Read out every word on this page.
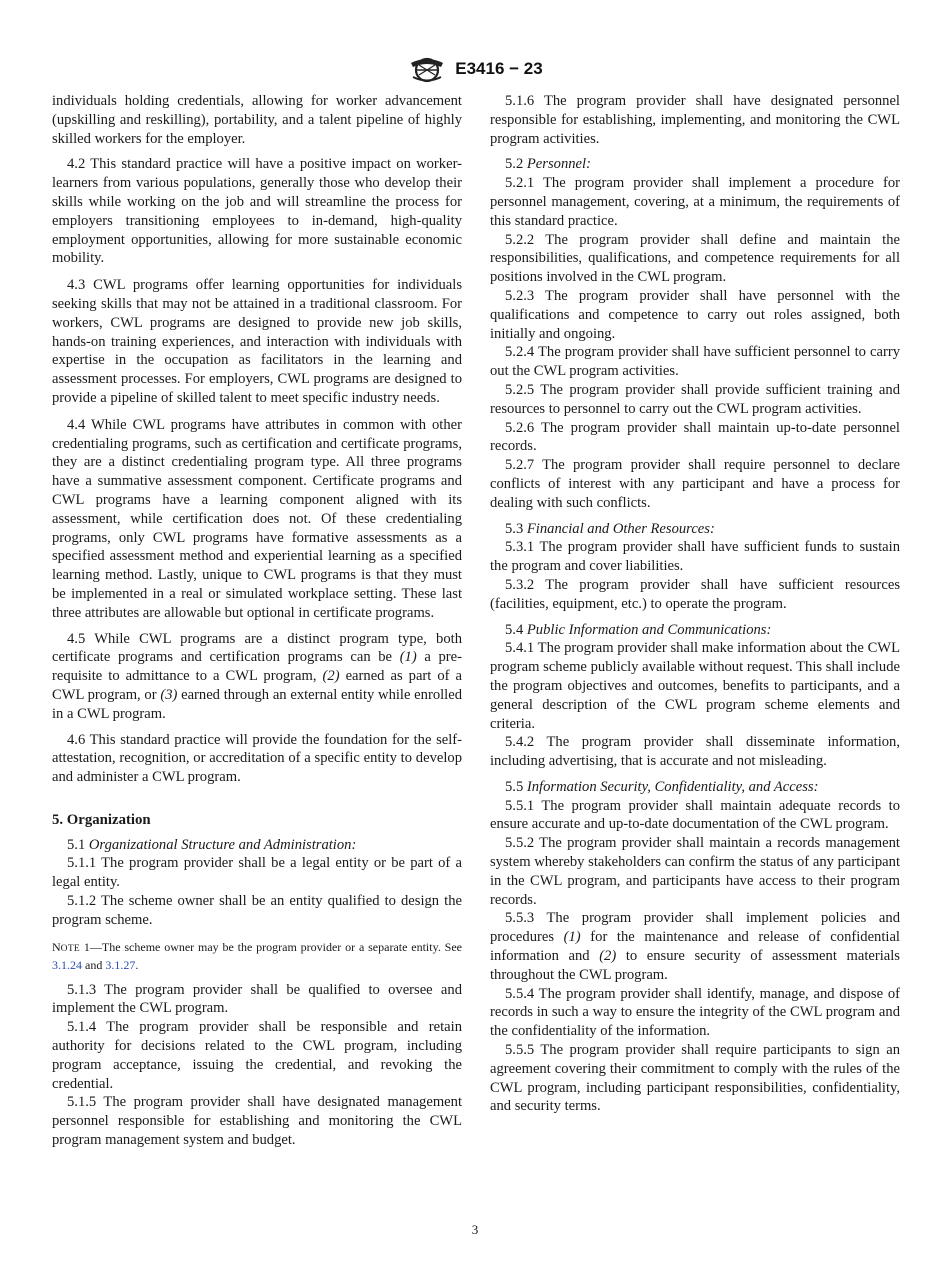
E3416 − 23

individuals holding credentials, allowing for worker advancement (upskilling and reskilling), portability, and a talent pipeline of highly skilled workers for the employer.

4.2 This standard practice will have a positive impact on worker-learners from various populations, generally those who develop their skills while working on the job and will streamline the process for employers transitioning employees to in-demand, high-quality employment opportunities, allowing for more sustainable economic mobility.

4.3 CWL programs offer learning opportunities for individuals seeking skills that may not be attained in a traditional classroom. For workers, CWL programs are designed to provide new job skills, hands-on training experiences, and interaction with individuals with expertise in the occupation as facilitators in the learning and assessment processes. For employers, CWL programs are designed to provide a pipeline of skilled talent to meet specific industry needs.

4.4 While CWL programs have attributes in common with other credentialing programs, such as certification and certificate programs, they are a distinct credentialing program type. All three programs have a summative assessment component. Certificate programs and CWL programs have a learning component aligned with its assessment, while certification does not. Of these credentialing programs, only CWL programs have formative assessments as a specified assessment method and experiential learning as a specified learning method. Lastly, unique to CWL programs is that they must be implemented in a real or simulated workplace setting. These last three attributes are allowable but optional in certificate programs.

4.5 While CWL programs are a distinct program type, both certificate programs and certification programs can be (1) a pre-requisite to admittance to a CWL program, (2) earned as part of a CWL program, or (3) earned through an external entity while enrolled in a CWL program.

4.6 This standard practice will provide the foundation for the self-attestation, recognition, or accreditation of a specific entity to develop and administer a CWL program.

5. Organization

5.1 Organizational Structure and Administration:

5.1.1 The program provider shall be a legal entity or be part of a legal entity.

5.1.2 The scheme owner shall be an entity qualified to design the program scheme.

NOTE 1—The scheme owner may be the program provider or a separate entity. See 3.1.24 and 3.1.27.

5.1.3 The program provider shall be qualified to oversee and implement the CWL program.

5.1.4 The program provider shall be responsible and retain authority for decisions related to the CWL program, including program acceptance, issuing the credential, and revoking the credential.

5.1.5 The program provider shall have designated management personnel responsible for establishing and monitoring the CWL program management system and budget.

5.1.6 The program provider shall have designated personnel responsible for establishing, implementing, and monitoring the CWL program activities.

5.2 Personnel:

5.2.1 The program provider shall implement a procedure for personnel management, covering, at a minimum, the requirements of this standard practice.

5.2.2 The program provider shall define and maintain the responsibilities, qualifications, and competence requirements for all positions involved in the CWL program.

5.2.3 The program provider shall have personnel with the qualifications and competence to carry out roles assigned, both initially and ongoing.

5.2.4 The program provider shall have sufficient personnel to carry out the CWL program activities.

5.2.5 The program provider shall provide sufficient training and resources to personnel to carry out the CWL program activities.

5.2.6 The program provider shall maintain up-to-date personnel records.

5.2.7 The program provider shall require personnel to declare conflicts of interest with any participant and have a process for dealing with such conflicts.

5.3 Financial and Other Resources:

5.3.1 The program provider shall have sufficient funds to sustain the program and cover liabilities.

5.3.2 The program provider shall have sufficient resources (facilities, equipment, etc.) to operate the program.

5.4 Public Information and Communications:

5.4.1 The program provider shall make information about the CWL program scheme publicly available without request. This shall include the program objectives and outcomes, benefits to participants, and a general description of the CWL program scheme elements and criteria.

5.4.2 The program provider shall disseminate information, including advertising, that is accurate and not misleading.

5.5 Information Security, Confidentiality, and Access:

5.5.1 The program provider shall maintain adequate records to ensure accurate and up-to-date documentation of the CWL program.

5.5.2 The program provider shall maintain a records management system whereby stakeholders can confirm the status of any participant in the CWL program, and participants have access to their program records.

5.5.3 The program provider shall implement policies and procedures (1) for the maintenance and release of confidential information and (2) to ensure security of assessment materials throughout the CWL program.

5.5.4 The program provider shall identify, manage, and dispose of records in such a way to ensure the integrity of the CWL program and the confidentiality of the information.

5.5.5 The program provider shall require participants to sign an agreement covering their commitment to comply with the rules of the CWL program, including participant responsibilities, confidentiality, and security terms.

3
